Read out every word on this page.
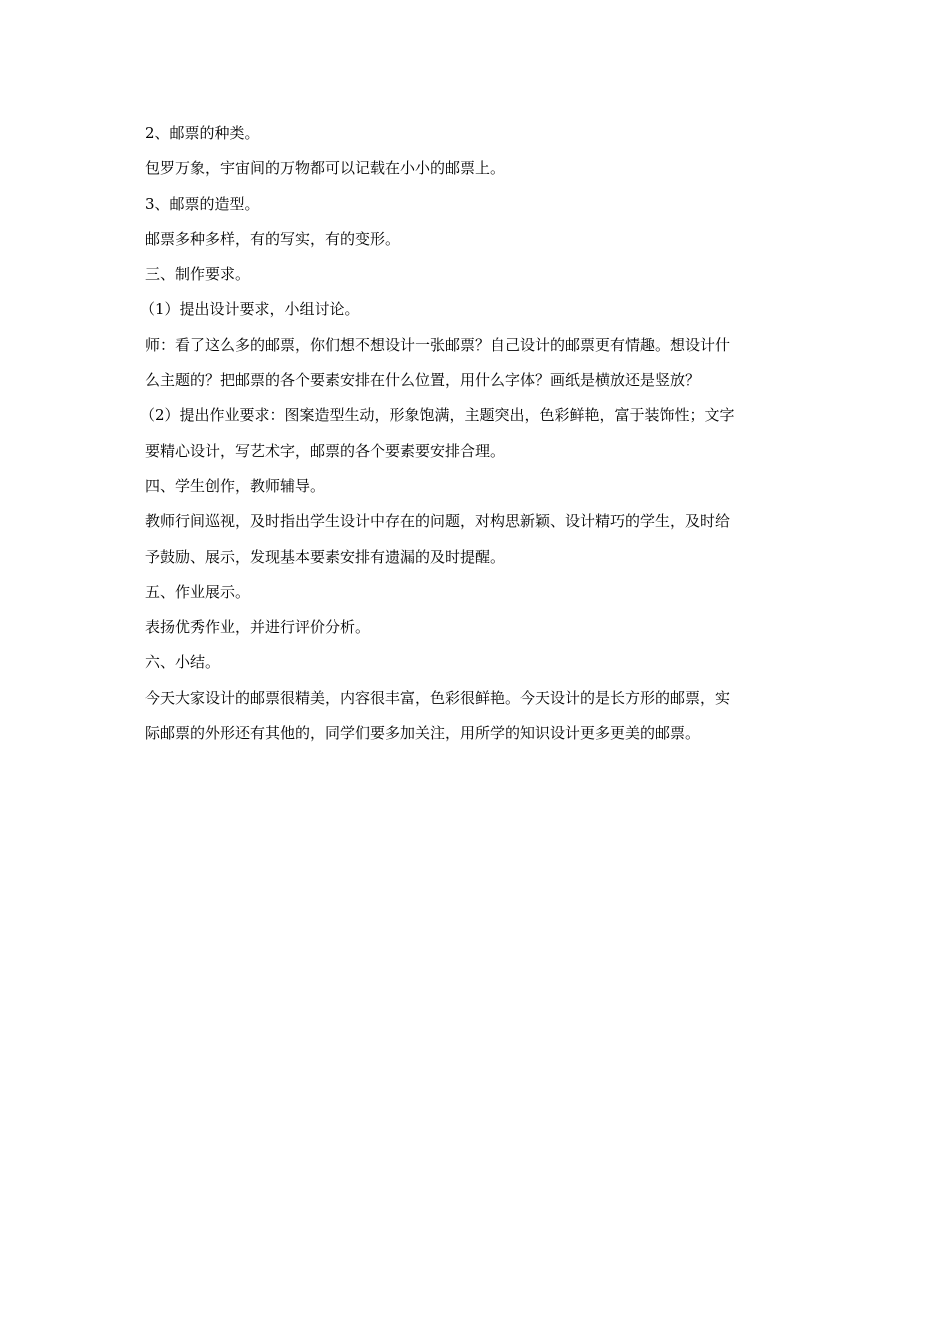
2、邮票的种类。
包罗万象，宇宙间的万物都可以记载在小小的邮票上。
3、邮票的造型。
邮票多种多样，有的写实，有的变形。
三、制作要求。
（1）提出设计要求，小组讨论。
师：看了这么多的邮票，你们想不想设计一张邮票？自己设计的邮票更有情趣。想设计什
么主题的？把邮票的各个要素安排在什么位置，用什么字体？画纸是横放还是竖放？
（2）提出作业要求：图案造型生动，形象饱满，主题突出，色彩鲜艳，富于装饰性；文字
要精心设计，写艺术字，邮票的各个要素要安排合理。
四、学生创作，教师辅导。
教师行间巡视，及时指出学生设计中存在的问题，对构思新颖、设计精巧的学生，及时给
予鼓励、展示，发现基本要素安排有遗漏的及时提醒。
五、作业展示。
表扬优秀作业，并进行评价分析。
六、小结。
今天大家设计的邮票很精美，内容很丰富，色彩很鲜艳。今天设计的是长方形的邮票，实
际邮票的外形还有其他的，同学们要多加关注，用所学的知识设计更多更美的邮票。
